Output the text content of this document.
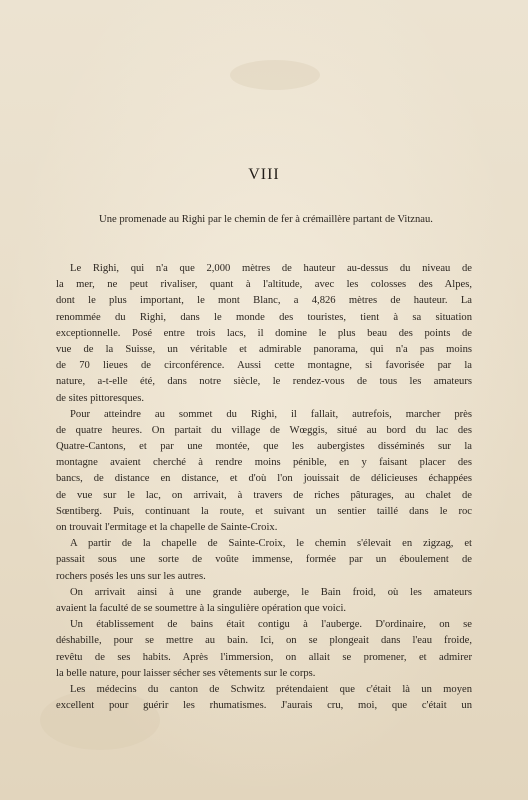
VIII
Une promenade au Righi par le chemin de fer à crémaillère partant de Vitznau.
Le Righi, qui n'a que 2,000 mètres de hauteur au-dessus du niveau de
la mer, ne peut rivaliser, quant à l'altitude, avec les colosses des Alpes,
dont le plus important, le mont Blanc, a 4,826 mètres de hauteur. La
renommée du Righi, dans le monde des touristes, tient à sa situation
exceptionnelle. Posé entre trois lacs, il domine le plus beau des points de
vue de la Suisse, un véritable et admirable panorama, qui n'a pas moins
de 70 lieues de circonférence. Aussi cette montagne, si favorisée par la
nature, a-t-elle été, dans notre siècle, le rendez-vous de tous les amateurs
de sites pittoresques.
Pour atteindre au sommet du Righi, il fallait, autrefois, marcher près
de quatre heures. On partait du village de Wœggis, situé au bord du lac des
Quatre-Cantons, et par une montée, que les aubergistes disséminés sur la
montagne avaient cherché à rendre moins pénible, en y faisant placer des
bancs, de distance en distance, et d'où l'on jouissait de délicieuses échappées
de vue sur le lac, on arrivait, à travers de riches pâturages, au chalet de
Sœntiberg. Puis, continuant la route, et suivant un sentier taillé dans le roc
on trouvait l'ermitage et la chapelle de Sainte-Croix.
A partir de la chapelle de Sainte-Croix, le chemin s'élevait en zigzag, et
passait sous une sorte de voûte immense, formée par un éboulement de
rochers posés les uns sur les autres.
On arrivait ainsi à une grande auberge, le Bain froid, où les amateurs
avaient la faculté de se soumettre à la singulière opération que voici.
Un établissement de bains était contigu à l'auberge. D'ordinaire, on se
déshabille, pour se mettre au bain. Ici, on se plongeait dans l'eau froide,
revêtu de ses habits. Après l'immersion, on allait se promener, et admirer
la belle nature, pour laisser sécher ses vêtements sur le corps.
Les médecins du canton de Schwitz prétendaient que c'était là un moyen
excellent pour guérir les rhumatismes. J'aurais cru, moi, que c'était un
